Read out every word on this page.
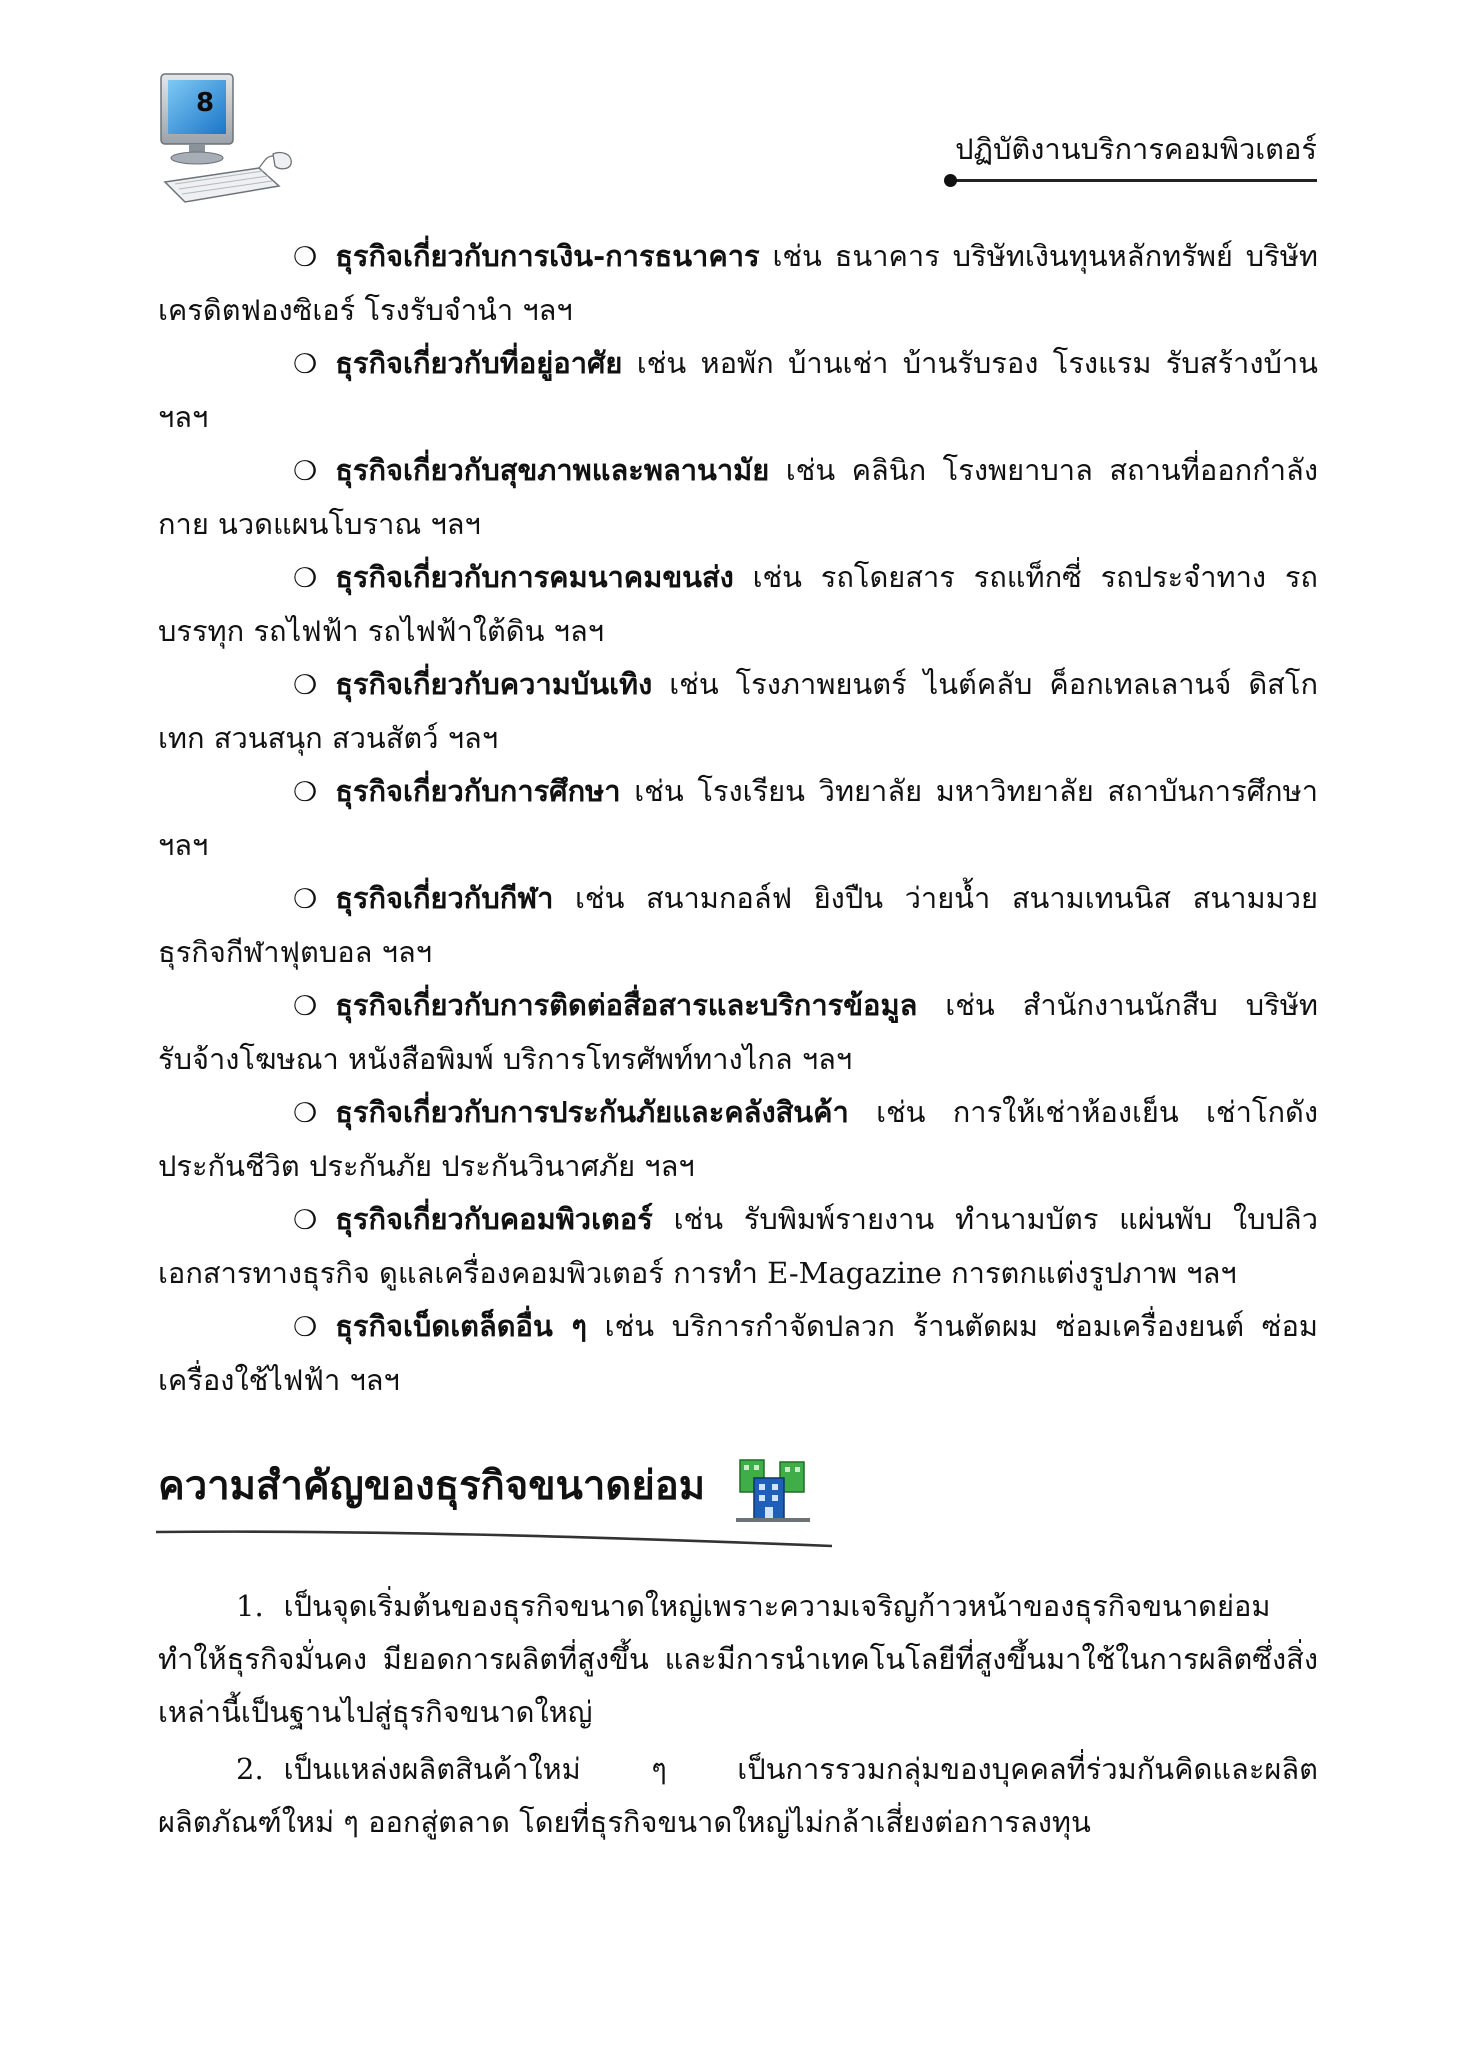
8
ปฏิบัติงานบริการคอมพิวเตอร์
❍ ธุรกิจเกี่ยวกับการเงิน-การธนาคาร เช่น ธนาคาร บริษัทเงินทุนหลักทรัพย์ บริษัทเครดิตฟองซิเอร์ โรงรับจำนำ ฯลฯ
❍ ธุรกิจเกี่ยวกับที่อยู่อาศัย เช่น หอพัก บ้านเช่า บ้านรับรอง โรงแรม รับสร้างบ้าน ฯลฯ
❍ ธุรกิจเกี่ยวกับสุขภาพและพลานามัย เช่น คลินิก โรงพยาบาล สถานที่ออกกำลังกาย นวดแผนโบราณ ฯลฯ
❍ ธุรกิจเกี่ยวกับการคมนาคมขนส่ง เช่น รถโดยสาร รถแท็กซี่ รถประจำทาง รถบรรทุก รถไฟฟ้า รถไฟฟ้าใต้ดิน ฯลฯ
❍ ธุรกิจเกี่ยวกับความบันเทิง เช่น โรงภาพยนตร์ ไนต์คลับ ค็อกเทลเลานจ์ ดิสโกเทก สวนสนุก สวนสัตว์ ฯลฯ
❍ ธุรกิจเกี่ยวกับการศึกษา เช่น โรงเรียน วิทยาลัย มหาวิทยาลัย สถาบันการศึกษา ฯลฯ
❍ ธุรกิจเกี่ยวกับกีฬา เช่น สนามกอล์ฟ ยิงปืน ว่ายน้ำ สนามเทนนิส สนามมวย ธุรกิจกีฬาฟุตบอล ฯลฯ
❍ ธุรกิจเกี่ยวกับการติดต่อสื่อสารและบริการข้อมูล เช่น สำนักงานนักสืบ บริษัทรับจ้างโฆษณา หนังสือพิมพ์ บริการโทรศัพท์ทางไกล ฯลฯ
❍ ธุรกิจเกี่ยวกับการประกันภัยและคลังสินค้า เช่น การให้เช่าห้องเย็น เช่าโกดัง ประกันชีวิต ประกันภัย ประกันวินาศภัย ฯลฯ
❍ ธุรกิจเกี่ยวกับคอมพิวเตอร์ เช่น รับพิมพ์รายงาน ทำนามบัตร แผ่นพับ ใบปลิว เอกสารทางธุรกิจ ดูแลเครื่องคอมพิวเตอร์ การทำ E-Magazine การตกแต่งรูปภาพ ฯลฯ
❍ ธุรกิจเบ็ดเตล็ดอื่น ๆ เช่น บริการกำจัดปลวก ร้านตัดผม ซ่อมเครื่องยนต์ ซ่อมเครื่องใช้ไฟฟ้า ฯลฯ
ความสำคัญของธุรกิจขนาดย่อม
1. เป็นจุดเริ่มต้นของธุรกิจขนาดใหญ่เพราะความเจริญก้าวหน้าของธุรกิจขนาดย่อมทำให้ธุรกิจมั่นคง มียอดการผลิตที่สูงขึ้น และมีการนำเทคโนโลยีที่สูงขึ้นมาใช้ในการผลิตซึ่งสิ่งเหล่านี้เป็นฐานไปสู่ธุรกิจขนาดใหญ่
2. เป็นแหล่งผลิตสินค้าใหม่ ๆ เป็นการรวมกลุ่มของบุคคลที่ร่วมกันคิดและผลิตผลิตภัณฑ์ใหม่ ๆ ออกสู่ตลาด โดยที่ธุรกิจขนาดใหญ่ไม่กล้าเสี่ยงต่อการลงทุน
